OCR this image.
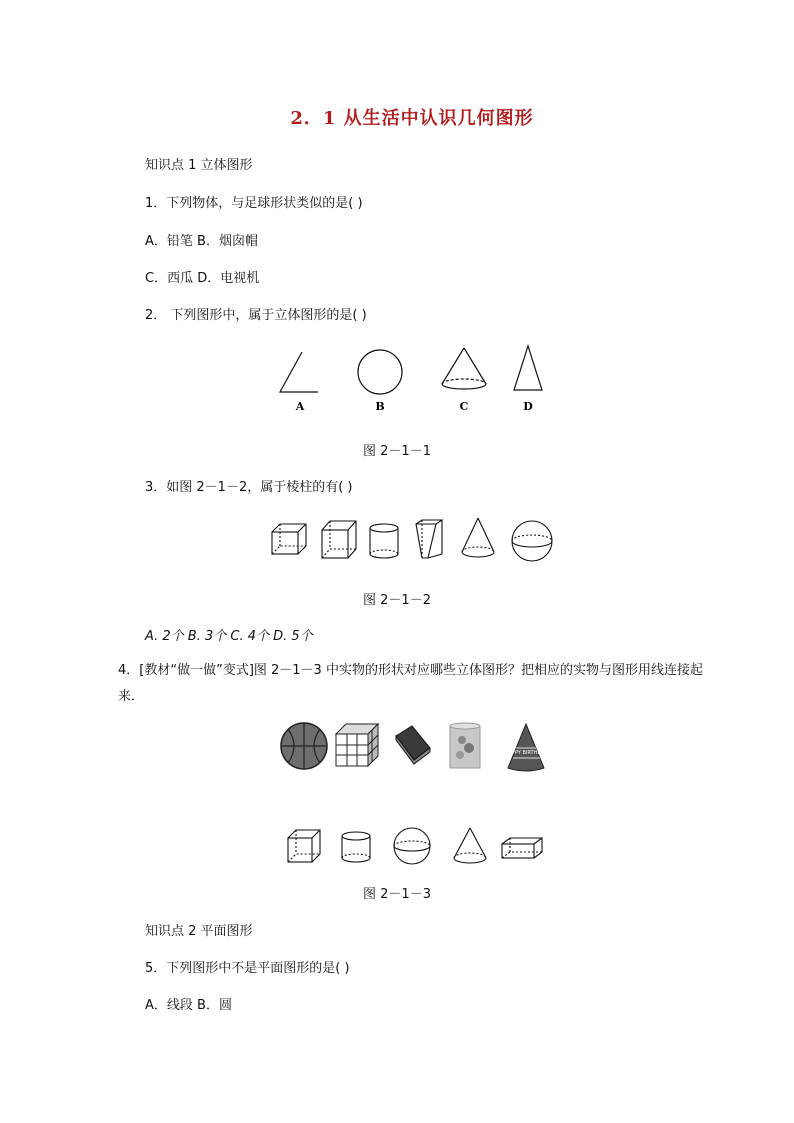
2．1 从生活中认识几何图形
知识点 1 立体图形
1．下列物体，与足球形状类似的是( )
A．铅笔 B．烟囱帽
C．西瓜 D．电视机
2． 下列图形中，属于立体图形的是( )
A	B	C	D
图 2－1－1
3．如图 2－1－2，属于棱柱的有( )
图 2－1－2
A. 2个 B. 3个 C. 4个 D. 5个
4．[教材“做一做”变式]图 2－1－3 中实物的形状对应哪些立体图形？把相应的实物与图形用线连接起来．
HAPPY BIRTHDAY
图 2－1－3
知识点 2 平面图形
5．下列图形中不是平面图形的是( )
A．线段 B．圆
